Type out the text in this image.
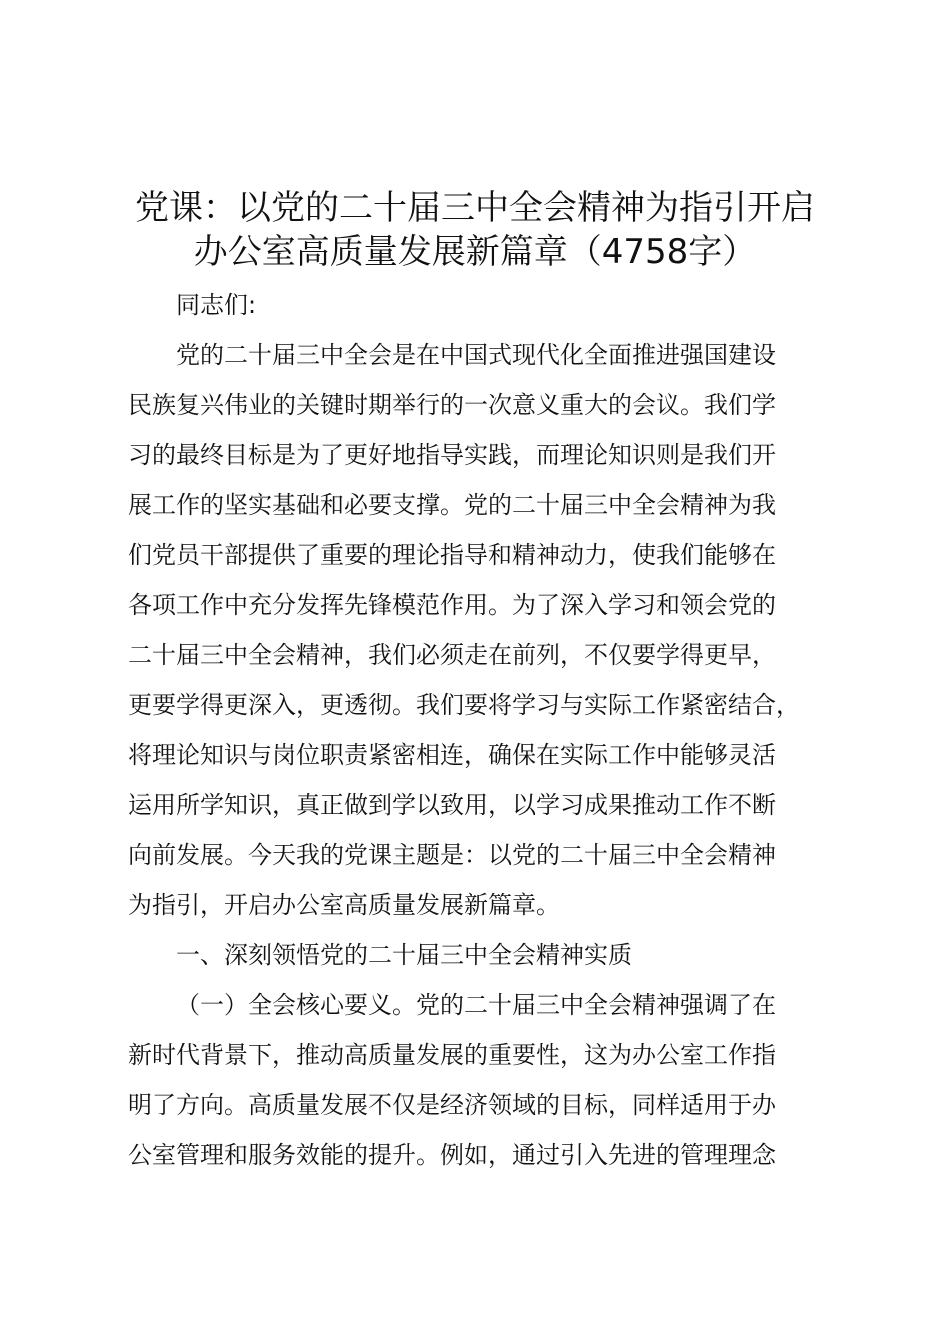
党课：以党的二十届三中全会精神为指引开启
办公室高质量发展新篇章（4758字）
同志们:
党的二十届三中全会是在中国式现代化全面推进强国建设
民族复兴伟业的关键时期举行的一次意义重大的会议。我们学
习的最终目标是为了更好地指导实践，而理论知识则是我们开
展工作的坚实基础和必要支撑。党的二十届三中全会精神为我
们党员干部提供了重要的理论指导和精神动力，使我们能够在
各项工作中充分发挥先锋模范作用。为了深入学习和领会党的
二十届三中全会精神，我们必须走在前列，不仅要学得更早，
更要学得更深入，更透彻。我们要将学习与实际工作紧密结合，
将理论知识与岗位职责紧密相连，确保在实际工作中能够灵活
运用所学知识，真正做到学以致用，以学习成果推动工作不断
向前发展。今天我的党课主题是：以党的二十届三中全会精神
为指引，开启办公室高质量发展新篇章。
一、深刻领悟党的二十届三中全会精神实质
（一）全会核心要义。党的二十届三中全会精神强调了在
新时代背景下，推动高质量发展的重要性，这为办公室工作指
明了方向。高质量发展不仅是经济领域的目标，同样适用于办
公室管理和服务效能的提升。例如，通过引入先进的管理理念
